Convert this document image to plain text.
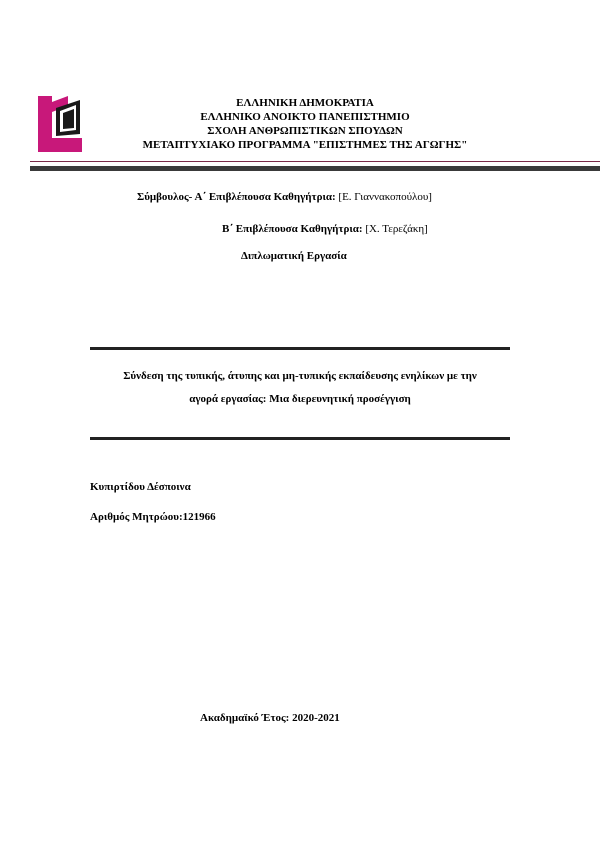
ΕΛΛΗΝΙΚΗ ΔΗΜΟΚΡΑΤΙΑ
ΕΛΛΗΝΙΚΟ ΑΝΟΙΚΤΟ ΠΑΝΕΠΙΣΤΗΜΙΟ
ΣΧΟΛΗ ΑΝΘΡΩΠΙΣΤΙΚΩΝ ΣΠΟΥΔΩΝ
ΜΕΤΑΠΤΥΧΙΑΚΟ ΠΡΟΓΡΑΜΜΑ "ΕΠΙΣΤΗΜΕΣ ΤΗΣ ΑΓΩΓΗΣ"
Σύμβουλος- Α΄ Επιβλέπουσα Καθηγήτρια: [Ε. Γιαννακοπούλου]
Β΄ Επιβλέπουσα Καθηγήτρια: [Χ. Τερεζάκη]
Διπλωματική Εργασία
Σύνδεση της τυπικής, άτυπης και μη-τυπικής εκπαίδευσης ενηλίκων με την
αγορά εργασίας: Μια διερευνητική προσέγγιση
Κυπιρτίδου Δέσποινα
Αριθμός Μητρώου:121966
Ακαδημαϊκό Έτος: 2020-2021
